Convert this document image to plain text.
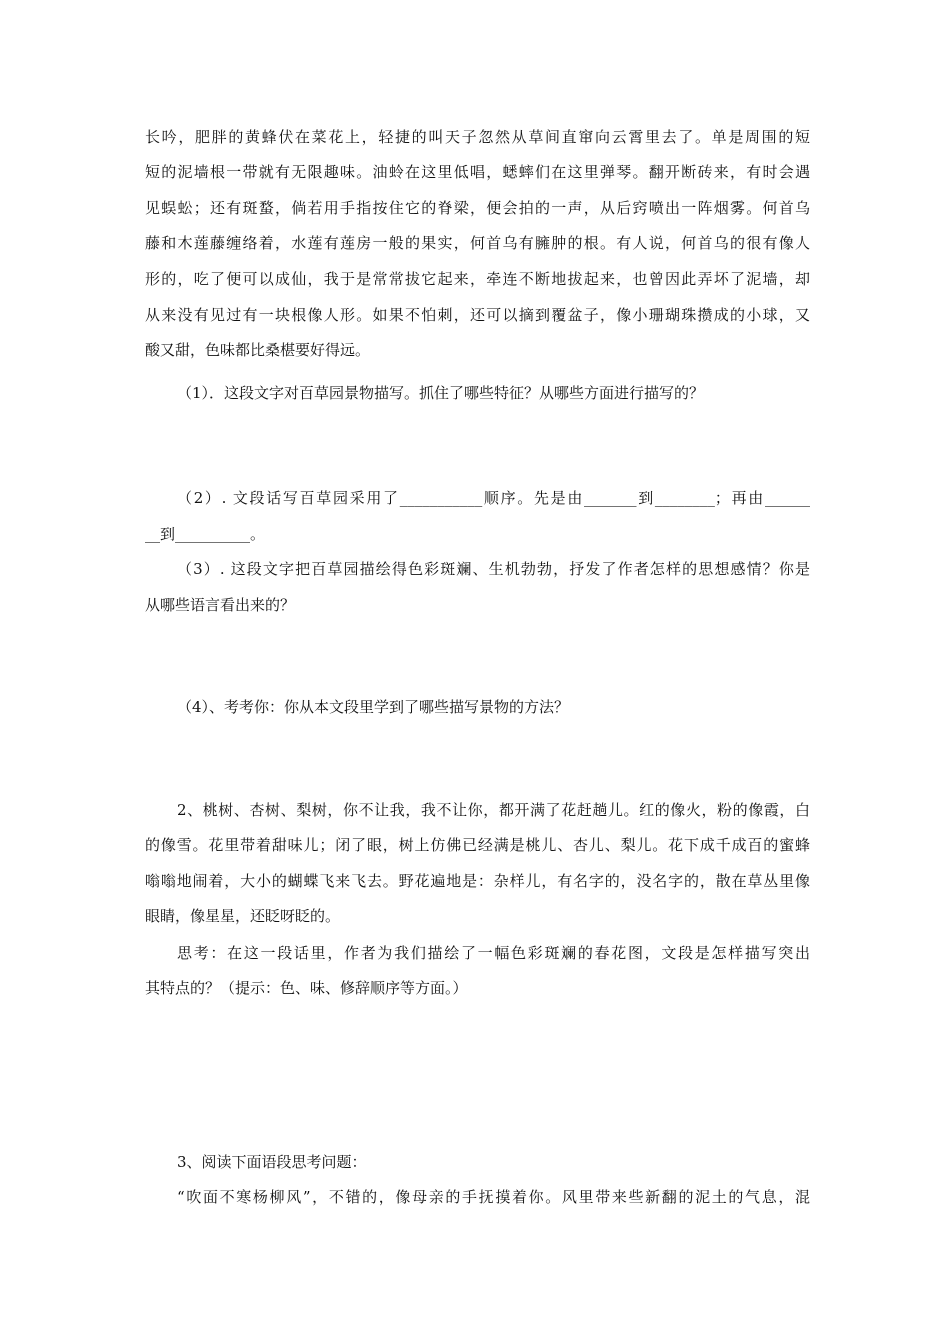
长吟，肥胖的黄蜂伏在菜花上，轻捷的叫天子忽然从草间直窜向云霄里去了。单是周围的短
短的泥墙根一带就有无限趣味。油蛉在这里低唱，蟋蟀们在这里弹琴。翻开断砖来，有时会遇
见蜈蚣；还有斑蝥，倘若用手指按住它的脊梁，便会拍的一声，从后窍喷出一阵烟雾。何首乌
藤和木莲藤缠络着，水莲有莲房一般的果实，何首乌有臃肿的根。有人说，何首乌的很有像人
形的，吃了便可以成仙，我于是常常拔它起来，牵连不断地拔起来，也曾因此弄坏了泥墙，却
从来没有见过有一块根像人形。如果不怕刺，还可以摘到覆盆子，像小珊瑚珠攒成的小球，又
酸又甜，色味都比桑椹要好得远。
（1）．这段文字对百草园景物描写。抓住了哪些特征？从哪些方面进行描写的？
（2）. 文段话写百草园采用了___________顺序。先是由_______到________；再由______
__到__________。
（3）. 这段文字把百草园描绘得色彩斑斓、生机勃勃，抒发了作者怎样的思想感情？你是
从哪些语言看出来的？
（4）、考考你：你从本文段里学到了哪些描写景物的方法？
2、桃树、杏树、梨树，你不让我，我不让你，都开满了花赶趟儿。红的像火，粉的像霞，白
的像雪。花里带着甜味儿；闭了眼，树上仿佛已经满是桃儿、杏儿、梨儿。花下成千成百的蜜蜂
嗡嗡地闹着，大小的蝴蝶飞来飞去。野花遍地是：杂样儿，有名字的，没名字的，散在草丛里像
眼睛，像星星，还眨呀眨的。
思考：在这一段话里，作者为我们描绘了一幅色彩斑斓的春花图，文段是怎样描写突出
其特点的？（提示：色、味、修辞顺序等方面。）
3、阅读下面语段思考问题：
“吹面不寒杨柳风”，不错的，像母亲的手抚摸着你。风里带来些新翻的泥土的气息，混
